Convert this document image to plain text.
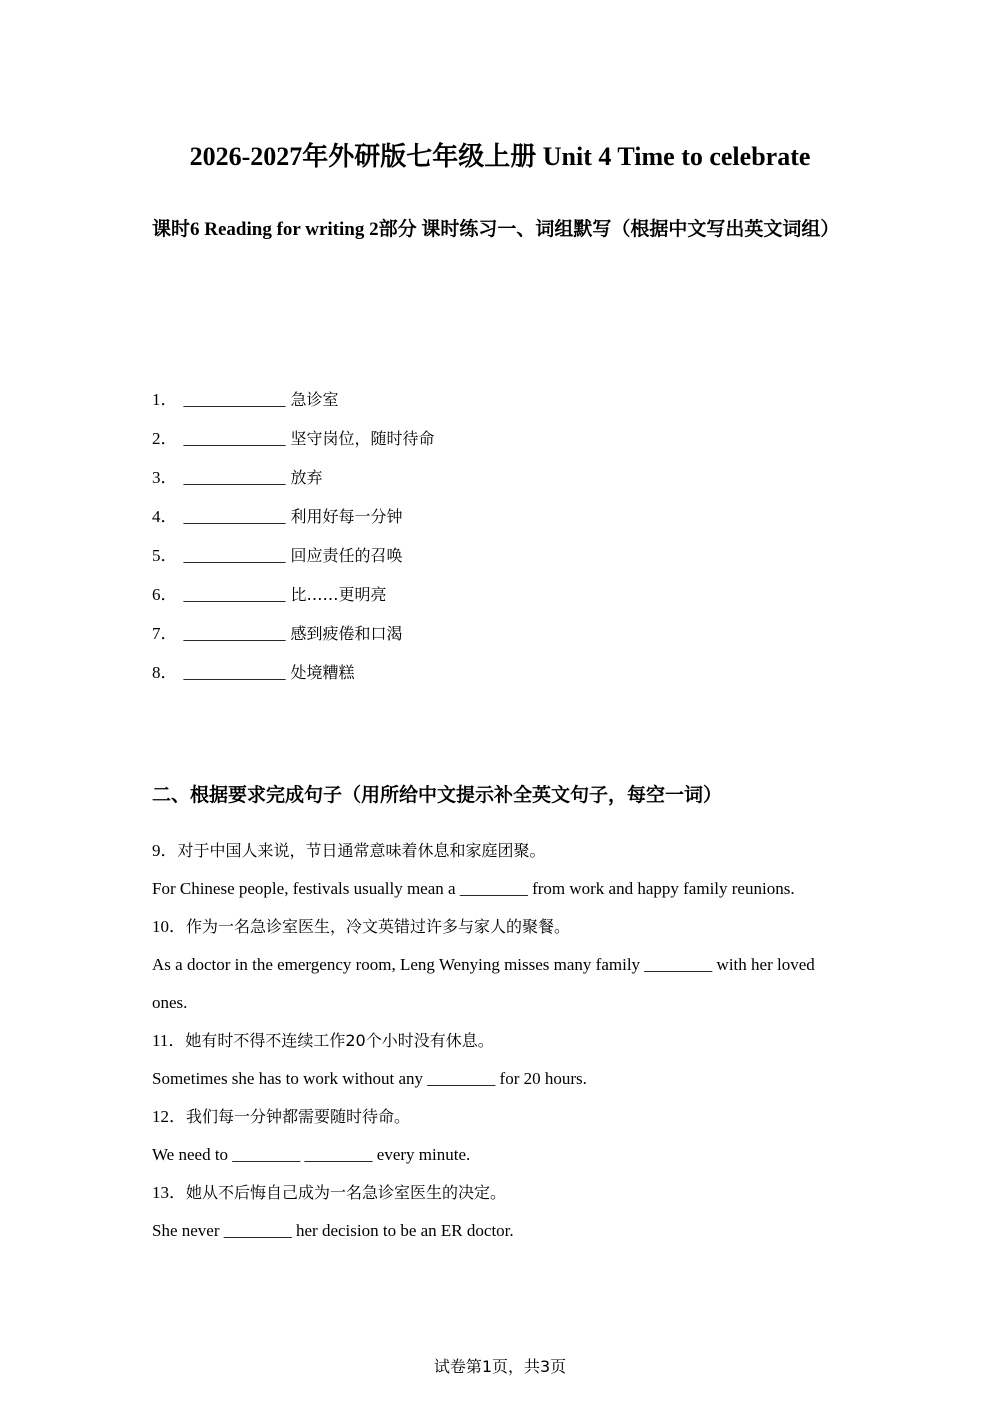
2026-2027年外研版七年级上册 Unit 4 Time to celebrate
课时6 Reading for writing 2部分 课时练习一、词组默写（根据中文写出英文词组）
1． ____________ 急诊室
2． ____________ 坚守岗位，随时待命
3． ____________ 放弃
4． ____________ 利用好每一分钟
5． ____________ 回应责任的召唤
6． ____________ 比……更明亮
7． ____________ 感到疲倦和口渴
8． ____________ 处境糟糕
二、根据要求完成句子（用所给中文提示补全英文句子，每空一词）
9．对于中国人来说，节日通常意味着休息和家庭团聚。
For Chinese people, festivals usually mean a ________ from work and happy family reunions.
10．作为一名急诊室医生，冷文英错过许多与家人的聚餐。
As a doctor in the emergency room, Leng Wenying misses many family ________ with her loved ones.
11．她有时不得不连续工作20个小时没有休息。
Sometimes she has to work without any ________ for 20 hours.
12．我们每一分钟都需要随时待命。
We need to ________ ________ every minute.
13．她从不后悔自己成为一名急诊室医生的决定。
She never ________ her decision to be an ER doctor.
试卷第1页，共3页
